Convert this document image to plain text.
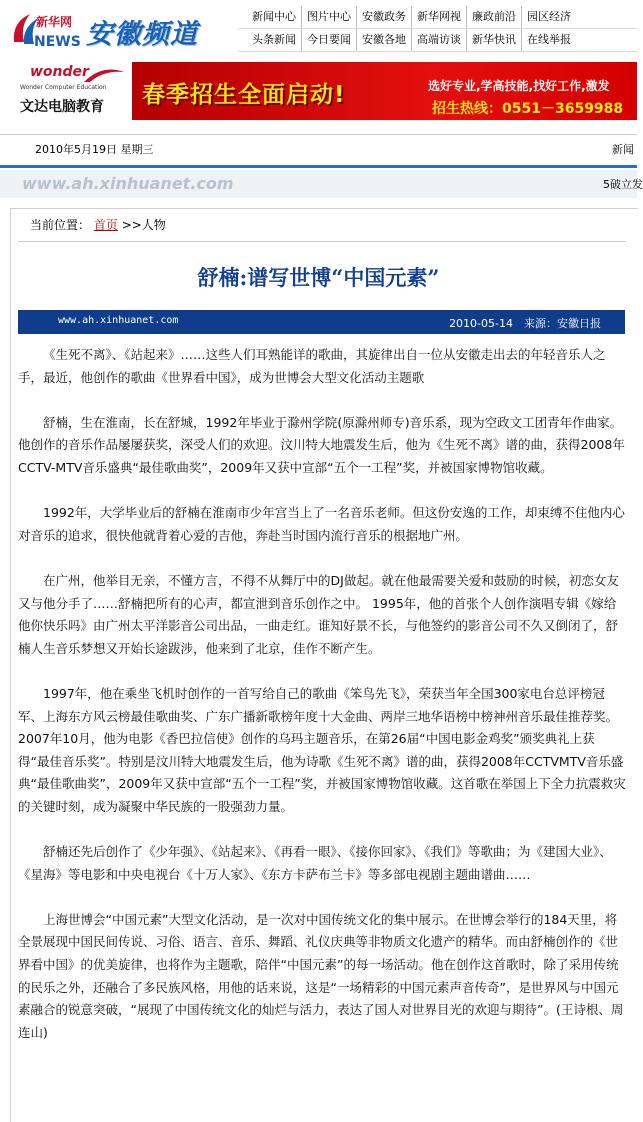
新华网
NEWS 安徽频道
新闻中心 图片中心 安徽政务 新华网视 廉政前沿 园区经济
头条新闻 今日要闻 安徽各地 高端访谈 新华快讯 在线举报
wonder
Wonder Computer Education
文达电脑教育 春季招生全面启动!	选好专业,学高技能,找好工作,激发
招生热线：0551－3659988
2010年5月19日 星期三	新闻
www.ah.xinhuanet.com	5破立发
当前位置： 首页 >>人物
舒楠:谱写世博“中国元素”
www.ah.xinhuanet.com	2010-05-14　来源：安徽日报

《生死不离》、《站起来》……这些人们耳熟能详的歌曲，其旋律出自一位从安徽走出去的年轻音乐人之手，最近，他创作的歌曲《世界看中国》，成为世博会大型文化活动主题歌

舒楠，生在淮南，长在舒城，1992年毕业于滁州学院(原滁州师专)音乐系，现为空政文工团青年作曲家。他创作的音乐作品屡屡获奖，深受人们的欢迎。汶川特大地震发生后，他为《生死不离》谱的曲，获得2008年CCTV-MTV音乐盛典“最佳歌曲奖”，2009年又获中宣部“五个一工程”奖，并被国家博物馆收藏。

1992年，大学毕业后的舒楠在淮南市少年宫当上了一名音乐老师。但这份安逸的工作，却束缚不住他内心对音乐的追求，很快他就背着心爱的吉他，奔赴当时国内流行音乐的根据地广州。

在广州，他举目无亲，不懂方言，不得不从舞厅中的DJ做起。就在他最需要关爱和鼓励的时候，初恋女友又与他分手了……舒楠把所有的心声，都宣泄到音乐创作之中。 1995年，他的首张个人创作演唱专辑《嫁给他你快乐吗》由广州太平洋影音公司出品，一曲走红。谁知好景不长，与他签约的影音公司不久又倒闭了，舒楠人生音乐梦想又开始长途跋涉，他来到了北京，佳作不断产生。

1997年，他在乘坐飞机时创作的一首写给自己的歌曲《笨鸟先飞》，荣获当年全国300家电台总评榜冠军、上海东方风云榜最佳歌曲奖、广东广播新歌榜年度十大金曲、两岸三地华语榜中榜神州音乐最佳推荐奖。 2007年10月，他为电影《香巴拉信使》创作的乌玛主题音乐，在第26届“中国电影金鸡奖”颁奖典礼上获得“最佳音乐奖”。特别是汶川特大地震发生后，他为诗歌《生死不离》谱的曲，获得2008年CCTVMTV音乐盛典“最佳歌曲奖”，2009年又获中宣部“五个一工程”奖，并被国家博物馆收藏。这首歌在举国上下全力抗震救灾的关键时刻，成为凝聚中华民族的一股强劲力量。

舒楠还先后创作了《少年强》、《站起来》、《再看一眼》、《接你回家》、《我们》等歌曲；为《建国大业》、《星海》等电影和中央电视台《十万人家》、《东方卡萨布兰卡》等多部电视剧主题曲谱曲……

上海世博会“中国元素”大型文化活动，是一次对中国传统文化的集中展示。在世博会举行的184天里，将全景展现中国民间传说、习俗、语言、音乐、舞蹈、礼仪庆典等非物质文化遗产的精华。而由舒楠创作的《世界看中国》的优美旋律，也将作为主题歌，陪伴“中国元素”的每一场活动。他在创作这首歌时，除了采用传统的民乐之外，还融合了多民族风格，用他的话来说，这是“一场精彩的中国元素声音传奇”，是世界风与中国元素融合的锐意突破，“展现了中国传统文化的灿烂与活力，表达了国人对世界目光的欢迎与期待”。(王诗根、周连山)
